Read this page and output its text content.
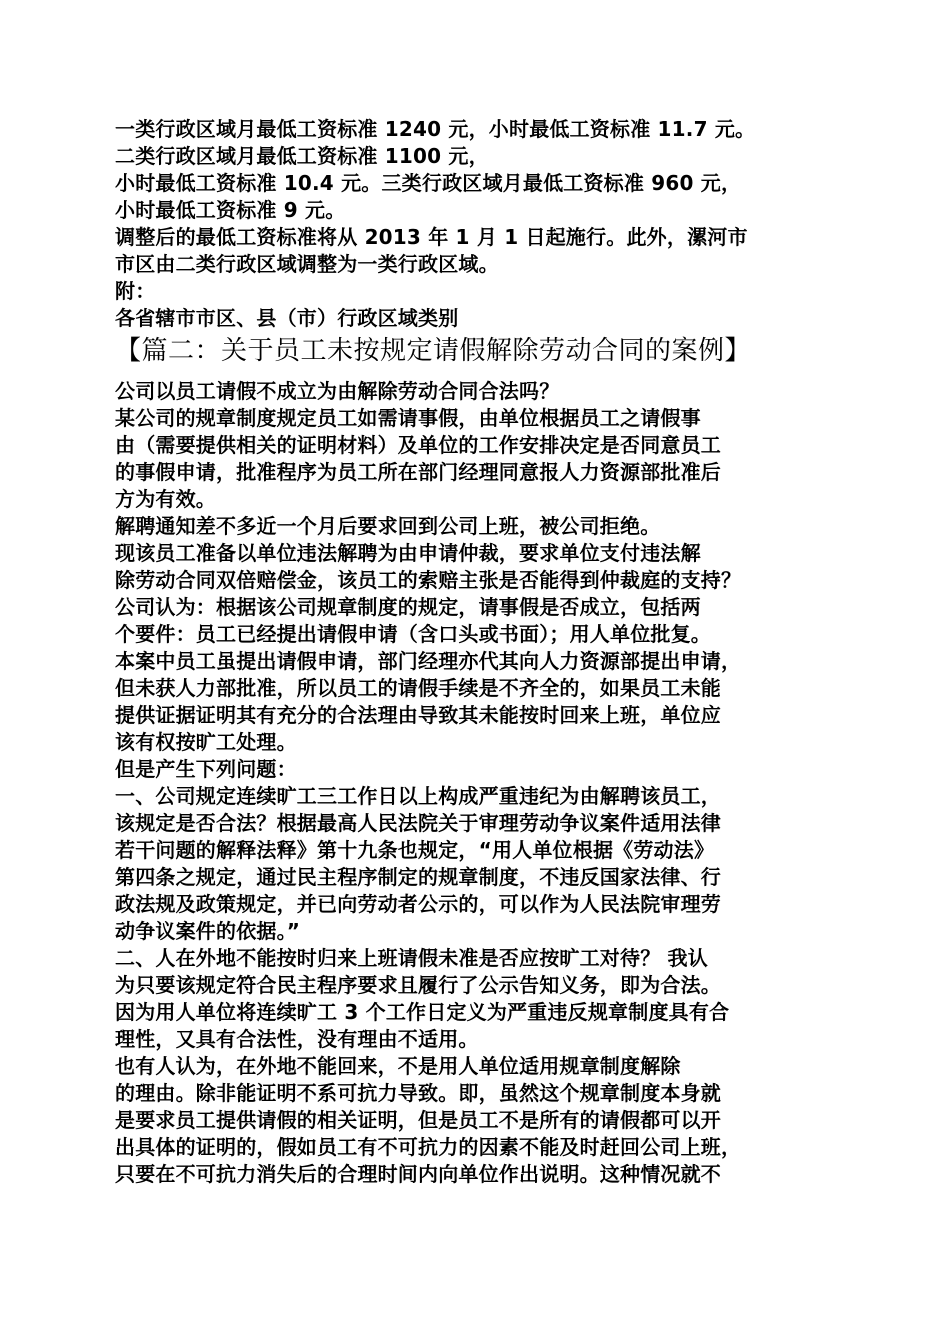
一类行政区域月最低工资标准 1240 元，小时最低工资标准 11.7 元。
二类行政区域月最低工资标准 1100 元，
小时最低工资标准 10.4 元。三类行政区域月最低工资标准 960 元，
小时最低工资标准 9 元。
调整后的最低工资标准将从 2013 年 1 月 1 日起施行。此外，漯河市
市区由二类行政区域调整为一类行政区域。
附：
各省辖市市区、县（市）行政区域类别
【篇二：关于员工未按规定请假解除劳动合同的案例】
公司以员工请假不成立为由解除劳动合同合法吗？
某公司的规章制度规定员工如需请事假，由单位根据员工之请假事
由（需要提供相关的证明材料）及单位的工作安排决定是否同意员工
的事假申请，批准程序为员工所在部门经理同意报人力资源部批准后
方为有效。
解聘通知差不多近一个月后要求回到公司上班，被公司拒绝。
现该员工准备以单位违法解聘为由申请仲裁，要求单位支付违法解
除劳动合同双倍赔偿金，该员工的索赔主张是否能得到仲裁庭的支持？
公司认为：根据该公司规章制度的规定，请事假是否成立，包括两
个要件：员工已经提出请假申请（含口头或书面）；用人单位批复。
本案中员工虽提出请假申请，部门经理亦代其向人力资源部提出申请，
但未获人力部批准，所以员工的请假手续是不齐全的，如果员工未能
提供证据证明其有充分的合法理由导致其未能按时回来上班，单位应
该有权按旷工处理。
但是产生下列问题：
一、公司规定连续旷工三工作日以上构成严重违纪为由解聘该员工，
该规定是否合法？根据最高人民法院关于审理劳动争议案件适用法律
若干问题的解释法释》第十九条也规定，“用人单位根据《劳动法》
第四条之规定，通过民主程序制定的规章制度，不违反国家法律、行
政法规及政策规定，并已向劳动者公示的，可以作为人民法院审理劳
动争议案件的依据。”
二、人在外地不能按时归来上班请假未准是否应按旷工对待？ 我认
为只要该规定符合民主程序要求且履行了公示告知义务，即为合法。
因为用人单位将连续旷工 3 个工作日定义为严重违反规章制度具有合
理性，又具有合法性，没有理由不适用。
也有人认为，在外地不能回来，不是用人单位适用规章制度解除
的理由。除非能证明不系可抗力导致。即，虽然这个规章制度本身就
是要求员工提供请假的相关证明，但是员工不是所有的请假都可以开
出具体的证明的，假如员工有不可抗力的因素不能及时赶回公司上班，
只要在不可抗力消失后的合理时间内向单位作出说明。这种情况就不
